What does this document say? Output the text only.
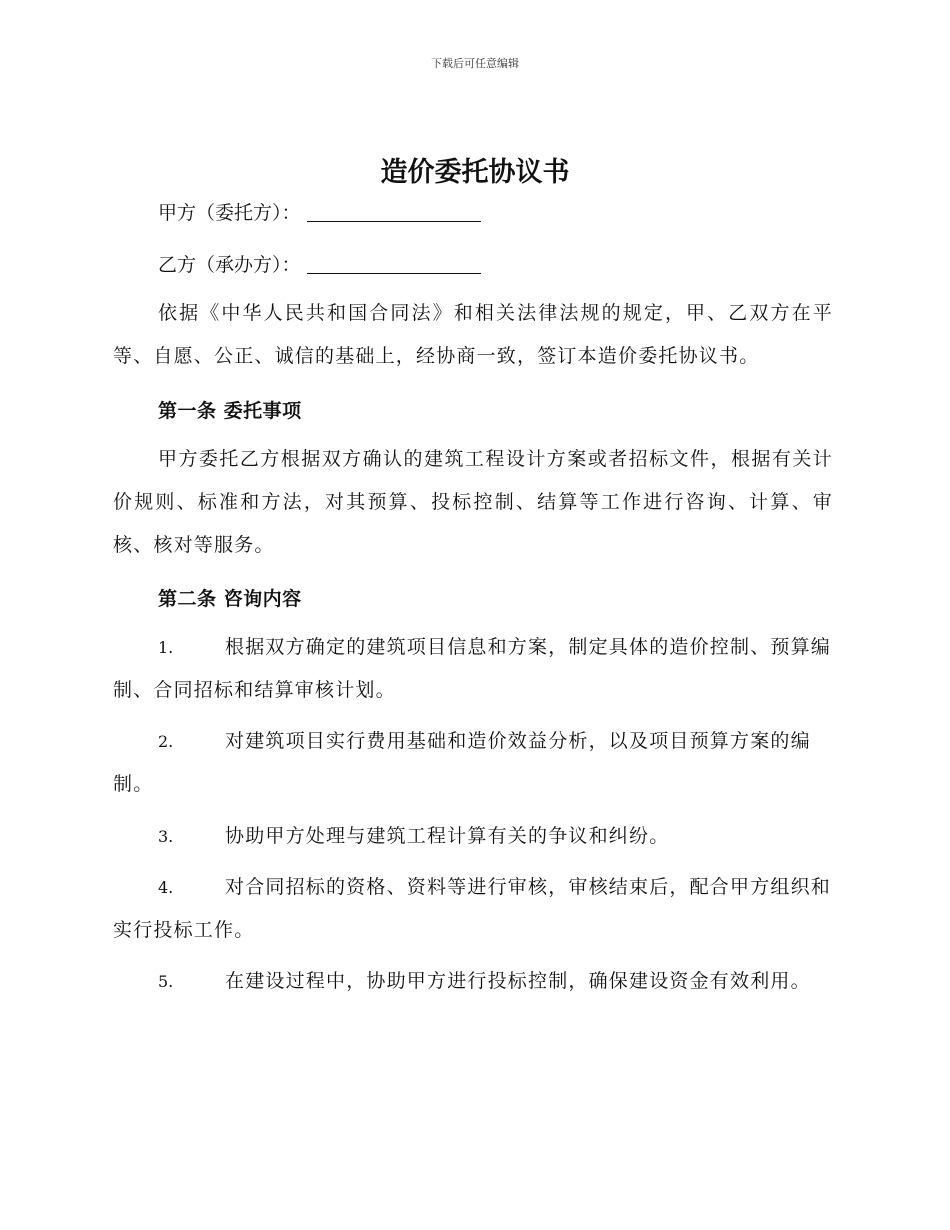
下载后可任意编辑
造价委托协议书
甲方（委托方）：
乙方（承办方）：

依据《中华人民共和国合同法》和相关法律法规的规定，甲、乙双方在平等、自愿、公正、诚信的基础上，经协商一致，签订本造价委托协议书。

第一条 委托事项

甲方委托乙方根据双方确认的建筑工程设计方案或者招标文件，根据有关计价规则、标准和方法，对其预算、投标控制、结算等工作进行咨询、计算、审核、核对等服务。

第二条 咨询内容

1.	根据双方确定的建筑项目信息和方案，制定具体的造价控制、预算编制、合同招标和结算审核计划。

2.	对建筑项目实行费用基础和造价效益分析，以及项目预算方案的编制。

3.	协助甲方处理与建筑工程计算有关的争议和纠纷。

4.	对合同招标的资格、资料等进行审核，审核结束后，配合甲方组织和实行投标工作。

5.	在建设过程中，协助甲方进行投标控制，确保建设资金有效利用。
